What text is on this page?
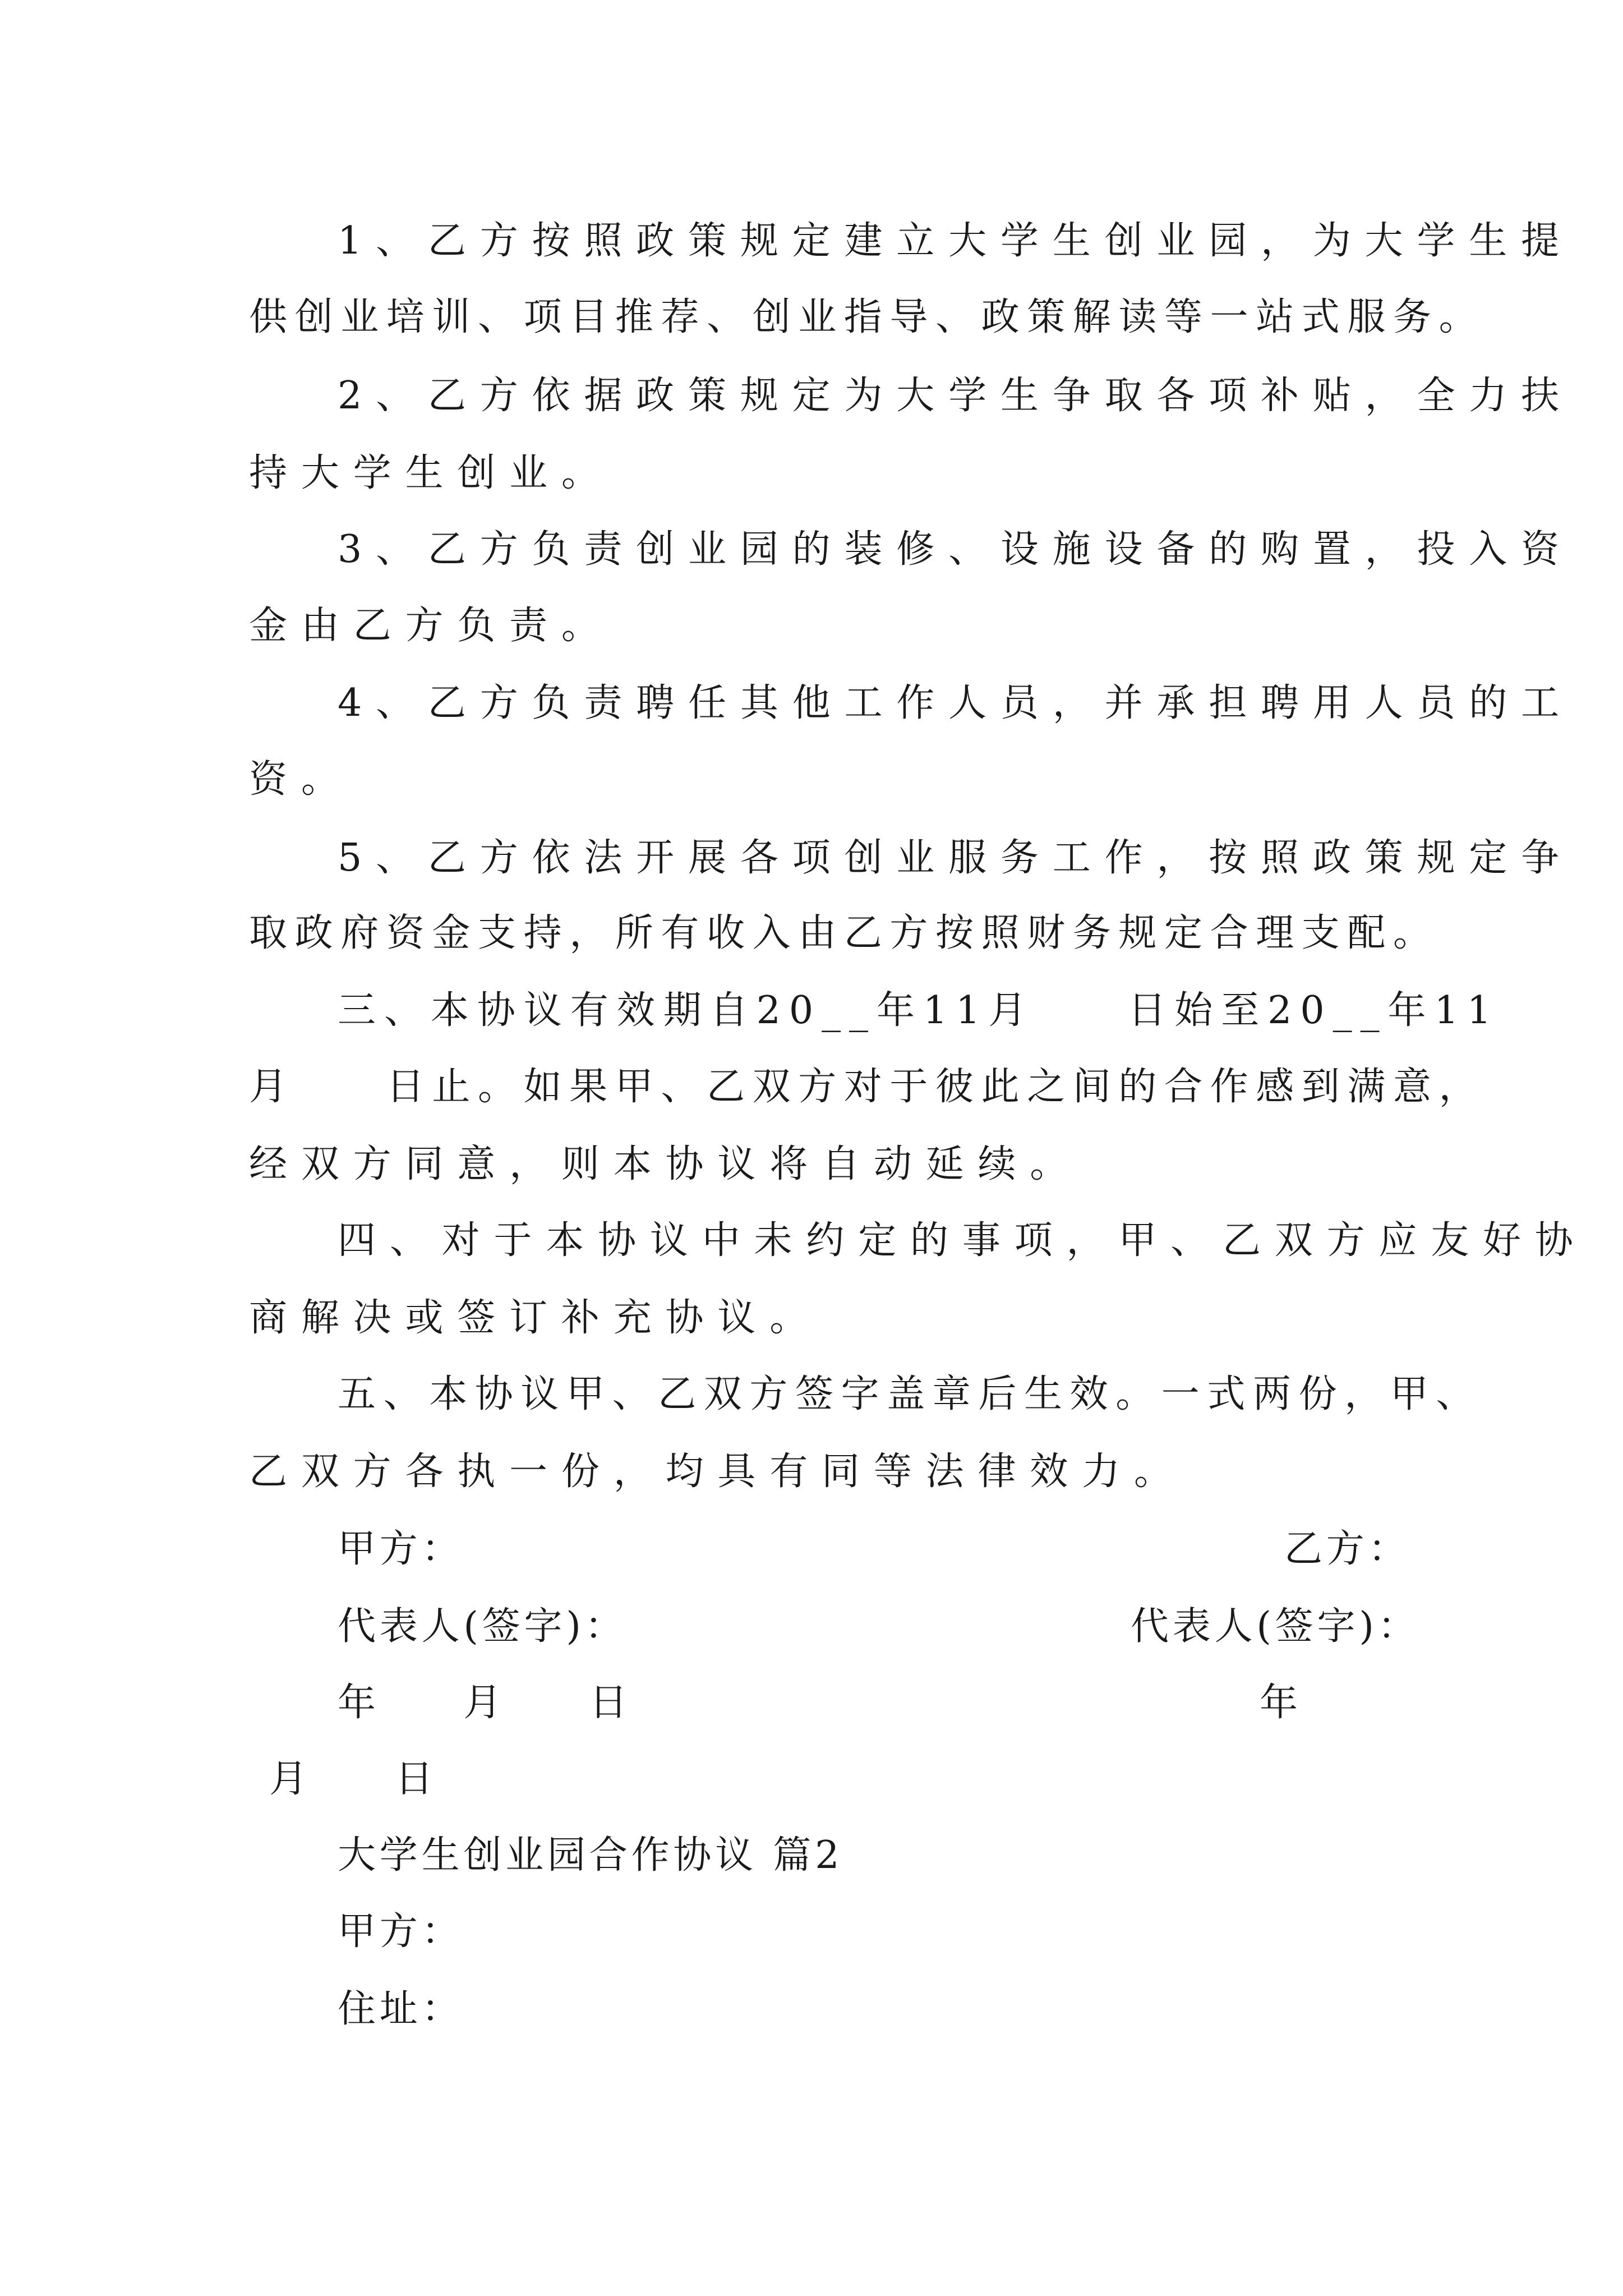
1、乙方按照政策规定建立大学生创业园，为大学生提
供创业培训、项目推荐、创业指导、政策解读等一站式服务。
2、乙方依据政策规定为大学生争取各项补贴，全力扶
持大学生创业。
3、乙方负责创业园的装修、设施设备的购置，投入资
金由乙方负责。
4、乙方负责聘任其他工作人员，并承担聘用人员的工
资。
5、乙方依法开展各项创业服务工作，按照政策规定争
取政府资金支持，所有收入由乙方按照财务规定合理支配。
三、本协议有效期自20__年11月　　日始至20__年11
月　　日止。如果甲、乙双方对于彼此之间的合作感到满意，
经双方同意，则本协议将自动延续。
四、对于本协议中未约定的事项，甲、乙双方应友好协
商解决或签订补充协议。
五、本协议甲、乙双方签字盖章后生效。一式两份，甲、
乙双方各执一份，均具有同等法律效力。
甲方：	乙方：
代表人(签字)：	代表人(签字)：
年　　月　　日	年
月　　日
大学生创业园合作协议 篇2
甲方：
住址：
